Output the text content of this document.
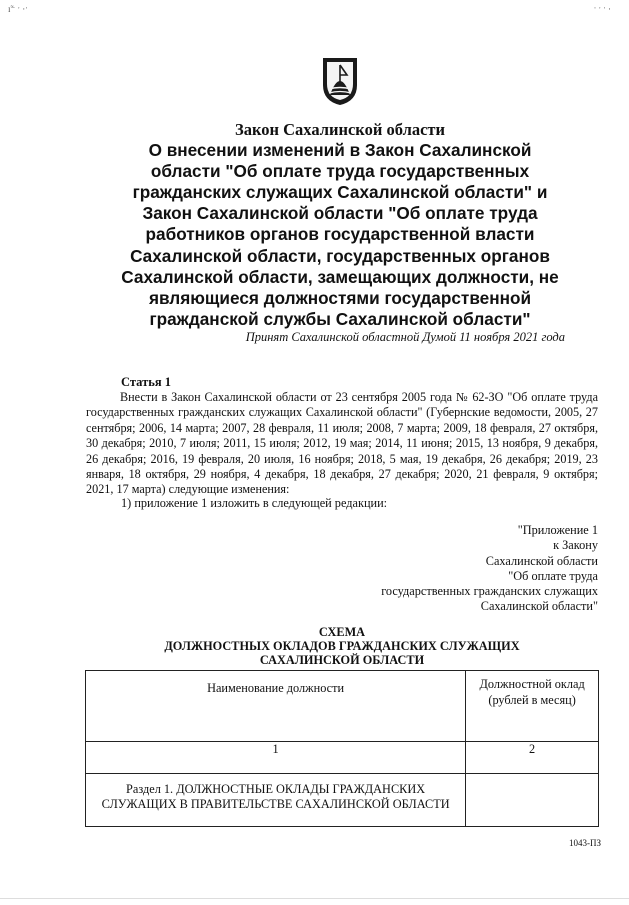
ɪ̃⁻ ˑ ·ˑ	ˑ ˑ ˑ ·
Закон Сахалинской области
О внесении изменений в Закон Сахалинской
области "Об оплате труда государственных
гражданских служащих Сахалинской области" и
Закон Сахалинской области "Об оплате труда
работников органов государственной власти
Сахалинской области, государственных органов
Сахалинской области, замещающих должности, не
являющиеся должностями государственной
гражданской службы Сахалинской области"
Принят Сахалинской областной Думой 11 ноября 2021 года
Статья 1

Внести в Закон Сахалинской области от 23 сентября 2005 года № 62-ЗО "Об оплате труда государственных гражданских служащих Сахалинской области" (Губернские ведомости, 2005, 27 сентября; 2006, 14 марта; 2007, 28 февраля, 11 июля; 2008, 7 марта; 2009, 18 февраля, 27 октября, 30 декабря; 2010, 7 июля; 2011, 15 июля; 2012, 19 мая; 2014, 11 июня; 2015, 13 ноября, 9 декабря, 26 декабря; 2016, 19 февраля, 20 июля, 16 ноября; 2018, 5 мая, 19 декабря, 26 декабря; 2019, 23 января, 18 октября, 29 ноября, 4 декабря, 18 декабря, 27 декабря; 2020, 21 февраля, 9 октября; 2021, 17 марта) следующие изменения:

1) приложение 1 изложить в следующей редакции:
"Приложение 1
к Закону
Сахалинской области
"Об оплате труда
государственных гражданских служащих
Сахалинской области"
СХЕМА
ДОЛЖНОСТНЫХ ОКЛАДОВ ГРАЖДАНСКИХ СЛУЖАЩИХ
САХАЛИНСКОЙ ОБЛАСТИ
Наименование должности	Должностной оклад (рублей в месяц)
1	2

Раздел 1. ДОЛЖНОСТНЫЕ ОКЛАДЫ ГРАЖДАНСКИХ
СЛУЖАЩИХ В ПРАВИТЕЛЬСТВЕ САХАЛИНСКОЙ ОБЛАСТИ	

1043-ПЗ
